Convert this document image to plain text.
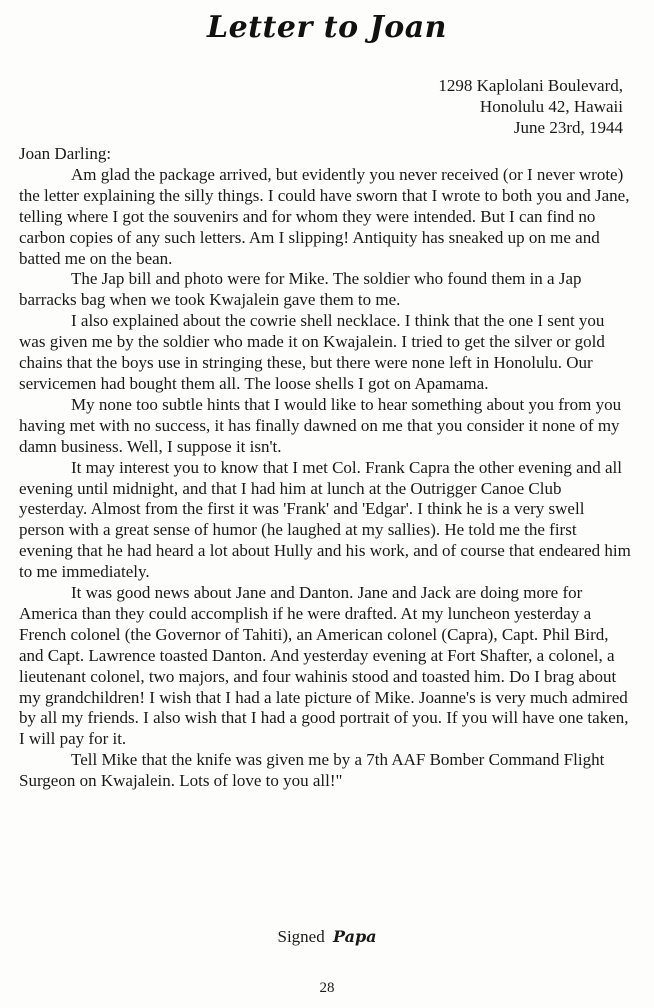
Letter to Joan
1298 Kaplolani Boulevard,
Honolulu 42, Hawaii
June 23rd, 1944

Joan Darling:

Am glad the package arrived, but evidently you never received (or I never wrote) the letter explaining the silly things. I could have sworn that I wrote to both you and Jane, telling where I got the souvenirs and for whom they were intended. But I can find no carbon copies of any such letters. Am I slipping! Antiquity has sneaked up on me and batted me on the bean.

The Jap bill and photo were for Mike. The soldier who found them in a Jap barracks bag when we took Kwajalein gave them to me.

I also explained about the cowrie shell necklace. I think that the one I sent you was given me by the soldier who made it on Kwajalein. I tried to get the silver or gold chains that the boys use in stringing these, but there were none left in Honolulu. Our servicemen had bought them all. The loose shells I got on Apamama.

My none too subtle hints that I would like to hear something about you from you having met with no success, it has finally dawned on me that you consider it none of my damn business. Well, I suppose it isn't.

It may interest you to know that I met Col. Frank Capra the other evening and all evening until midnight, and that I had him at lunch at the Outrigger Canoe Club yesterday. Almost from the first it was 'Frank' and 'Edgar'. I think he is a very swell person with a great sense of humor (he laughed at my sallies). He told me the first evening that he had heard a lot about Hully and his work, and of course that endeared him to me immediately.

It was good news about Jane and Danton. Jane and Jack are doing more for America than they could accomplish if he were drafted. At my luncheon yesterday a French colonel (the Governor of Tahiti), an American colonel (Capra), Capt. Phil Bird, and Capt. Lawrence toasted Danton. And yesterday evening at Fort Shafter, a colonel, a lieutenant colonel, two majors, and four wahinis stood and toasted him. Do I brag about my grandchildren! I wish that I had a late picture of Mike. Joanne's is very much admired by all my friends. I also wish that I had a good portrait of you. If you will have one taken, I will pay for it.

Tell Mike that the knife was given me by a 7th AAF Bomber Command Flight Surgeon on Kwajalein. Lots of love to you all!"

Signed Papa
28
